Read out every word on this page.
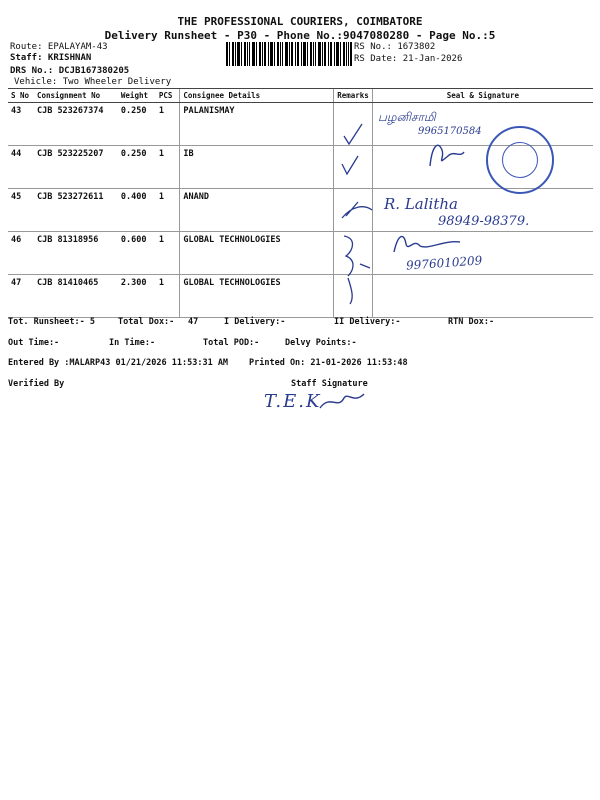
THE PROFESSIONAL COURIERS, COIMBATORE
Delivery Runsheet - P30 - Phone No.:9047080280 - Page No.:5
Route: EPALAYAM-43
Staff: KRISHNAN
DRS No.: DCJB167380205
Vehicle: Two Wheeler Delivery
RS No.: 1673802
RS Date: 21-Jan-2026
S No	Consignment No	Weight	PCS	Consignee Details	Remarks	Seal & Signature
43	CJB 523267374	0.250	1	PALANISMAY		
44	CJB 523225207	0.250	1	IB		
45	CJB 523272611	0.400	1	ANAND		
46	CJB 81318956	0.600	1	GLOBAL TECHNOLOGIES		
47	CJB 81410465	2.300	1	GLOBAL TECHNOLOGIES		
பழனிசாமி
9965170584
R. Lalitha
98949-98379.
9976010209
Tot. Runsheet:- 5	Total Dox:- 47	I Delivery:-	II Delivery:-	RTN Dox:-
Out Time:-	In Time:-	Total POD:-	Delvy Points:-
Entered By :MALARP43 01/21/2026 11:53:31 AM Printed On: 21-01-2026 11:53:48
Verified By	Staff Signature
T.E.K
